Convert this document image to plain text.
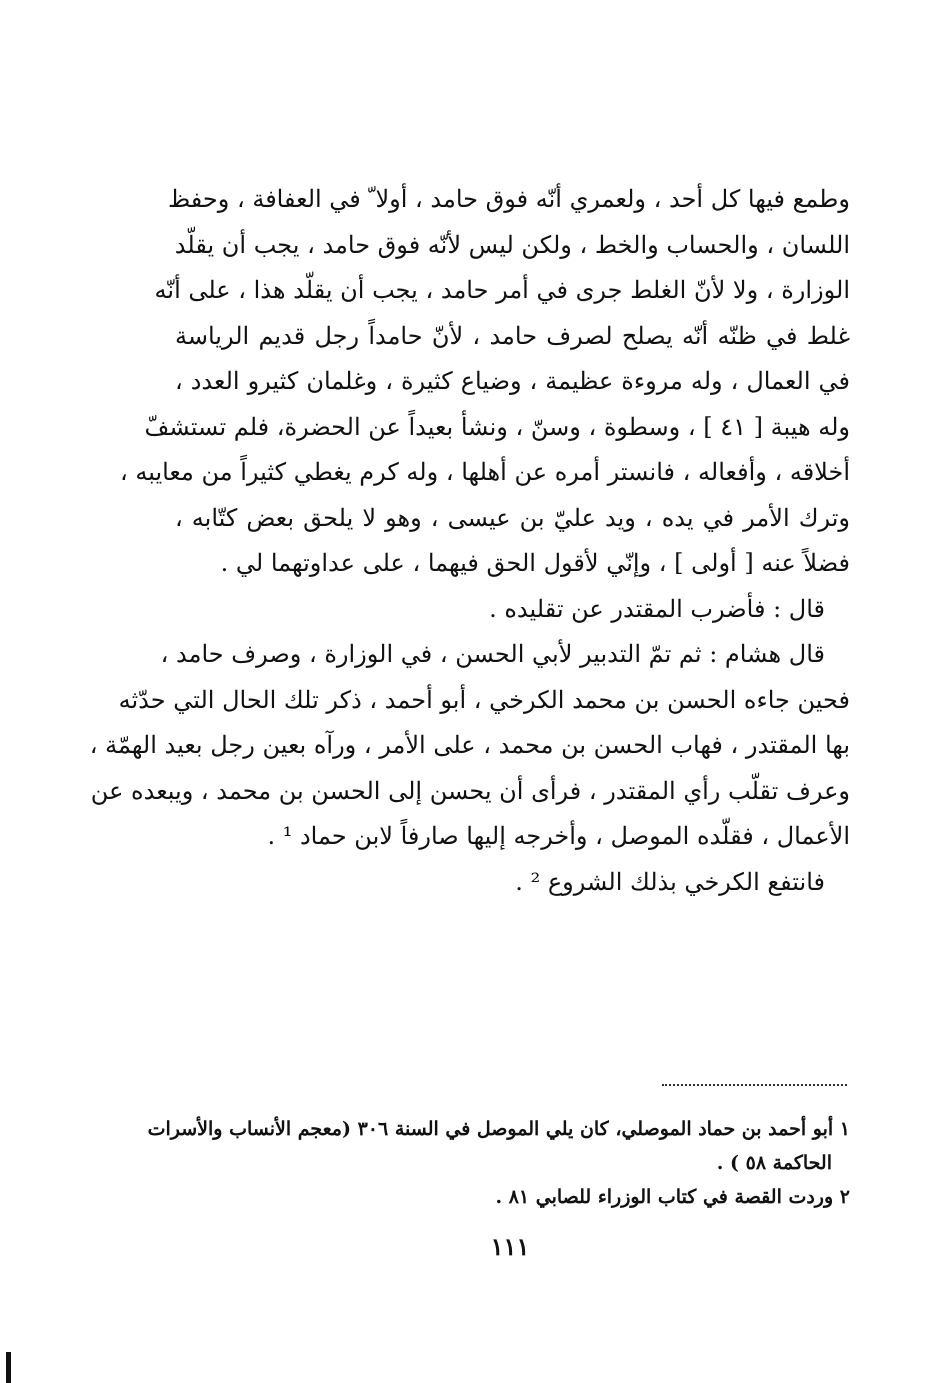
وطمع فيها كل أحد ، ولعمري أنّه فوق حامد ، أولا ّ في العفافة ، وحفظ
اللسان ، والحساب والخط ، ولكن ليس لأنّه فوق حامد ، يجب أن يقلّد
الوزارة ، ولا لأنّ الغلط جرى في أمر حامد ، يجب أن يقلّد هذا ، على أنّه
غلط في ظنّه أنّه يصلح لصرف حامد ، لأنّ حامداً رجل قديم الرياسة
في العمال ، وله مروءة عظيمة ، وضياع كثيرة ، وغلمان كثيرو العدد ،
وله هيبة [ ٤١ ] ، وسطوة ، وسنّ ، ونشأ بعيداً عن الحضرة، فلم تستشفّ
أخلاقه ، وأفعاله ، فانستر أمره عن أهلها ، وله كرم يغطي كثيراً من معايبه ،
وترك الأمر في يده ، ويد عليّ بن عيسى ، وهو لا يلحق بعض كتّابه ،
فضلاً عنه [ أولى ] ، وإنّي لأقول الحق فيهما ، على عداوتهما لي .
قال : فأضرب المقتدر عن تقليده .
قال هشام : ثم تمّ التدبير لأبي الحسن ، في الوزارة ، وصرف حامد ،
فحين جاءه الحسن بن محمد الكرخي ، أبو أحمد ، ذكر تلك الحال التي حدّثه
بها المقتدر ، فهاب الحسن بن محمد ، على الأمر ، ورآه بعين رجل بعيد الهمّة ،
وعرف تقلّب رأي المقتدر ، فرأى أن يحسن إلى الحسن بن محمد ، ويبعده عن
الأعمال ، فقلّده الموصل ، وأخرجه إليها صارفاً لابن حماد ¹ .
فانتفع الكرخي بذلك الشروع ² .
١ أبو أحمد بن حماد الموصلي، كان يلي الموصل في السنة ٣٠٦ (معجم الأنساب والأسرات
الحاكمة ٥٨ ) .
٢ وردت القصة في كتاب الوزراء للصابي ٨١ .
١١١
